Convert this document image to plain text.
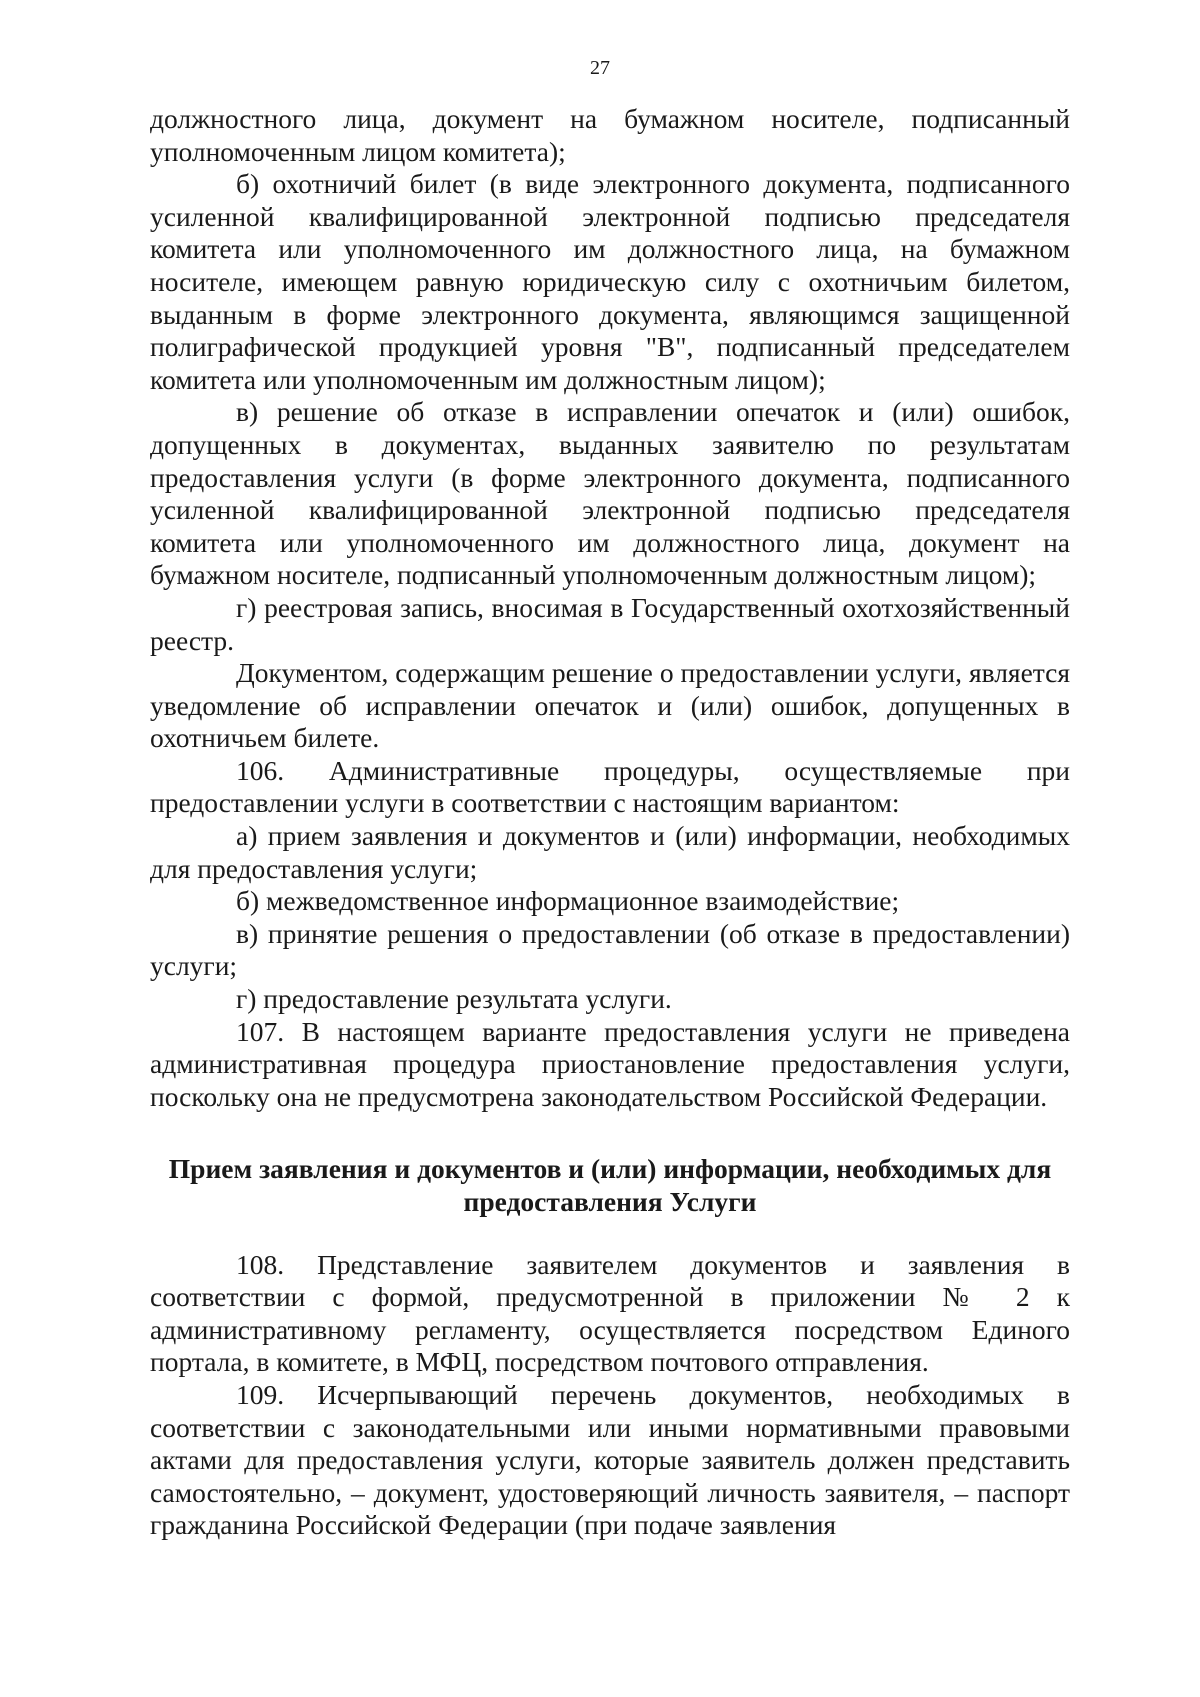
27

должностного лица, документ на бумажном носителе, подписанный уполномоченным лицом комитета);

б) охотничий билет (в виде электронного документа, подписанного усиленной квалифицированной электронной подписью председателя комитета или уполномоченного им должностного лица, на бумажном носителе, имеющем равную юридическую силу с охотничьим билетом, выданным в форме электронного документа, являющимся защищенной полиграфической продукцией уровня "В", подписанный председателем комитета или уполномоченным им должностным лицом);

в) решение об отказе в исправлении опечаток и (или) ошибок, допущенных в документах, выданных заявителю по результатам предоставления услуги (в форме электронного документа, подписанного усиленной квалифицированной электронной подписью председателя комитета или уполномоченного им должностного лица, документ на бумажном носителе, подписанный уполномоченным должностным лицом);

г) реестровая запись, вносимая в Государственный охотхозяйственный реестр.

Документом, содержащим решение о предоставлении услуги, является уведомление об исправлении опечаток и (или) ошибок, допущенных в охотничьем билете.

106. Административные процедуры, осуществляемые при предоставлении услуги в соответствии с настоящим вариантом:

а) прием заявления и документов и (или) информации, необходимых для предоставления услуги;

б) межведомственное информационное взаимодействие;

в) принятие решения о предоставлении (об отказе в предоставлении) услуги;

г) предоставление результата услуги.

107. В настоящем варианте предоставления услуги не приведена административная процедура приостановление предоставления услуги, поскольку она не предусмотрена законодательством Российской Федерации.

Прием заявления и документов и (или) информации, необходимых для предоставления Услуги

108. Представление заявителем документов и заявления в соответствии с формой, предусмотренной в приложении № 2 к административному регламенту, осуществляется посредством Единого портала, в комитете, в МФЦ, посредством почтового отправления.

109. Исчерпывающий перечень документов, необходимых в соответствии с законодательными или иными нормативными правовыми актами для предоставления услуги, которые заявитель должен представить самостоятельно, – документ, удостоверяющий личность заявителя, – паспорт гражданина Российской Федерации (при подаче заявления
